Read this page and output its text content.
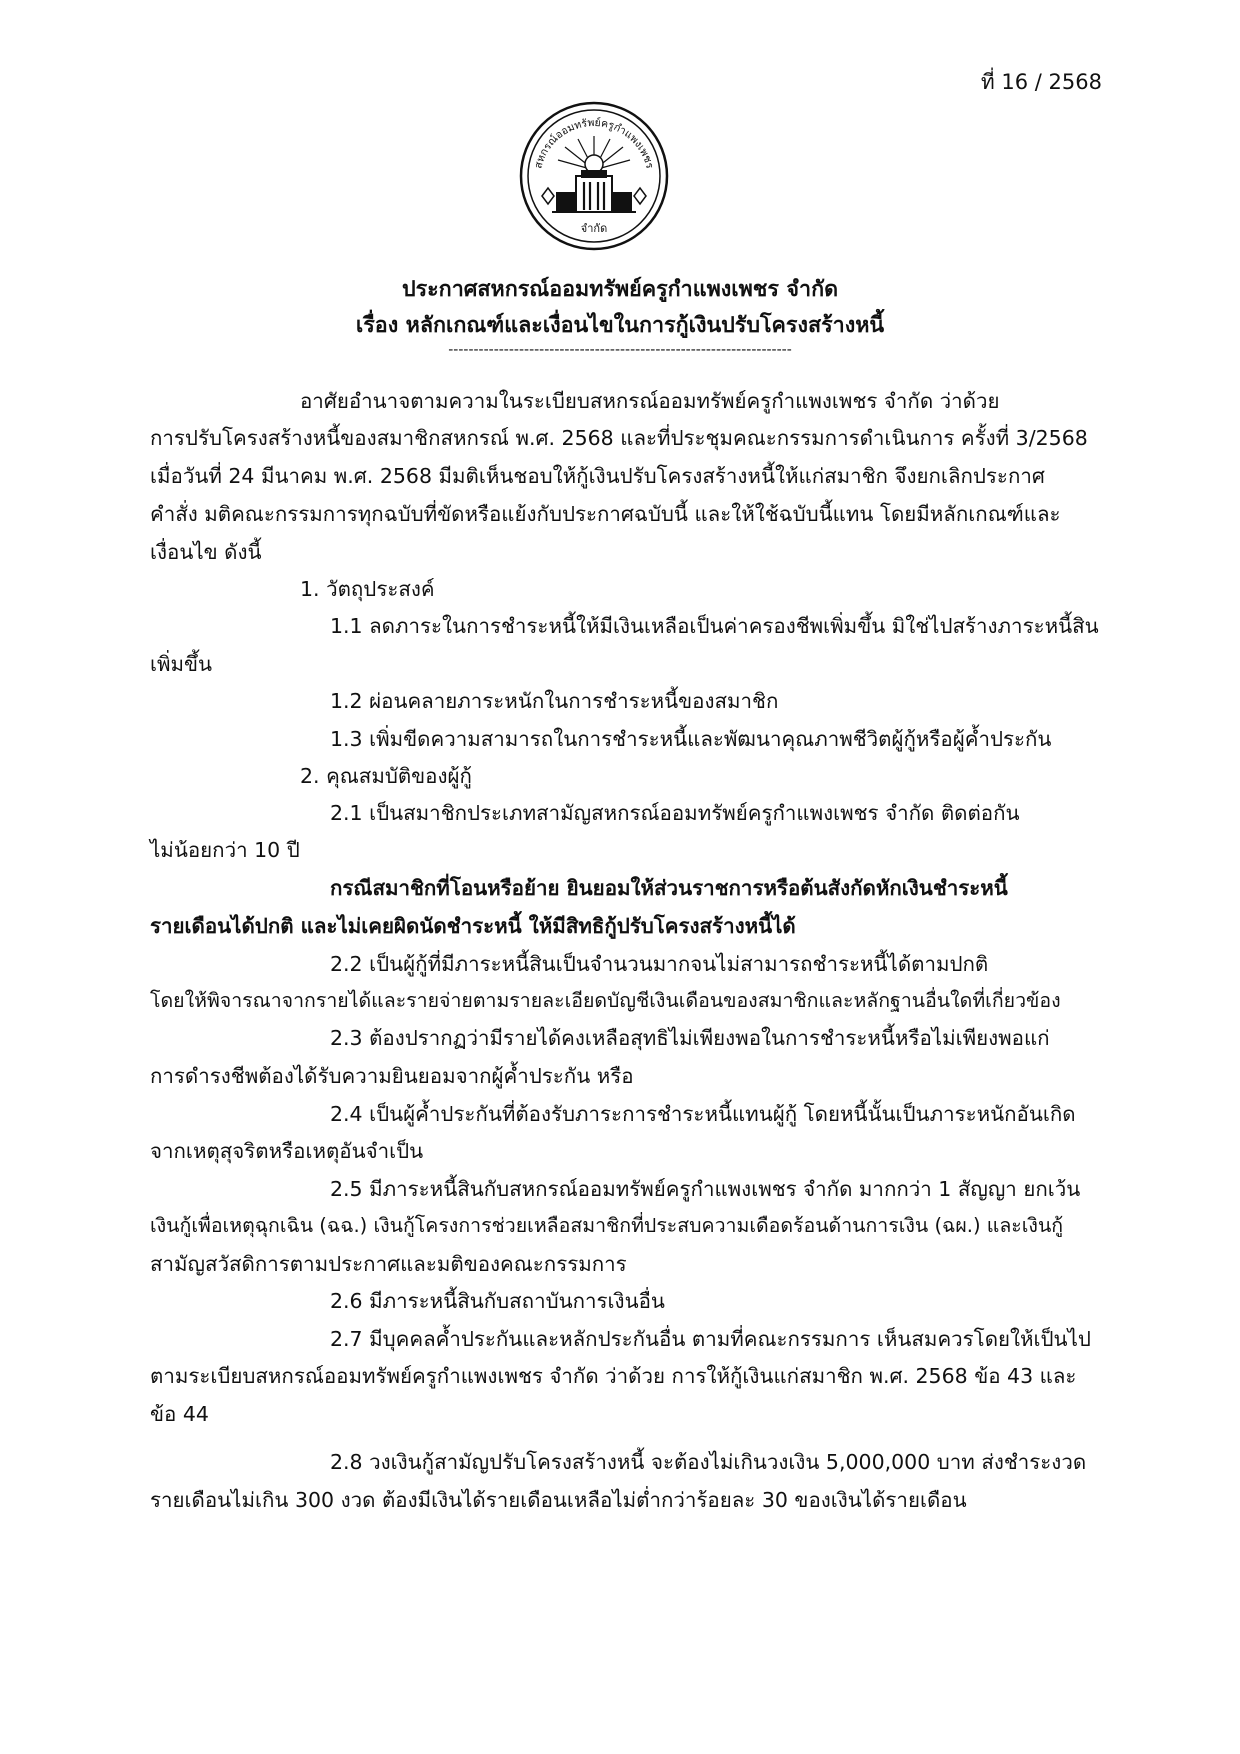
ที่ 16 / 2568
สหกรณ์ออมทรัพย์ครูกำแพงเพชร
จำกัด
ประกาศสหกรณ์ออมทรัพย์ครูกำแพงเพชร จำกัด
เรื่อง หลักเกณฑ์และเงื่อนไขในการกู้เงินปรับโครงสร้างหนี้
--------------------------------------------------------------------
อาศัยอำนาจตามความในระเบียบสหกรณ์ออมทรัพย์ครูกำแพงเพชร จำกัด ว่าด้วย
การปรับโครงสร้างหนี้ของสมาชิกสหกรณ์ พ.ศ. 2568 และที่ประชุมคณะกรรมการดำเนินการ ครั้งที่ 3/2568
เมื่อวันที่ 24 มีนาคม พ.ศ. 2568 มีมติเห็นชอบให้กู้เงินปรับโครงสร้างหนี้ให้แก่สมาชิก จึงยกเลิกประกาศ
คำสั่ง มติคณะกรรมการทุกฉบับที่ขัดหรือแย้งกับประกาศฉบับนี้ และให้ใช้ฉบับนี้แทน โดยมีหลักเกณฑ์และ
เงื่อนไข ดังนี้
1. วัตถุประสงค์
1.1 ลดภาระในการชำระหนี้ให้มีเงินเหลือเป็นค่าครองชีพเพิ่มขึ้น มิใช่ไปสร้างภาระหนี้สิน
เพิ่มขึ้น
1.2 ผ่อนคลายภาระหนักในการชำระหนี้ของสมาชิก
1.3 เพิ่มขีดความสามารถในการชำระหนี้และพัฒนาคุณภาพชีวิตผู้กู้หรือผู้ค้ำประกัน
2. คุณสมบัติของผู้กู้
2.1 เป็นสมาชิกประเภทสามัญสหกรณ์ออมทรัพย์ครูกำแพงเพชร จำกัด ติดต่อกัน
ไม่น้อยกว่า 10 ปี
กรณีสมาชิกที่โอนหรือย้าย ยินยอมให้ส่วนราชการหรือต้นสังกัดหักเงินชำระหนี้
รายเดือนได้ปกติ และไม่เคยผิดนัดชำระหนี้ ให้มีสิทธิกู้ปรับโครงสร้างหนี้ได้
2.2 เป็นผู้กู้ที่มีภาระหนี้สินเป็นจำนวนมากจนไม่สามารถชำระหนี้ได้ตามปกติ
โดยให้พิจารณาจากรายได้และรายจ่ายตามรายละเอียดบัญชีเงินเดือนของสมาชิกและหลักฐานอื่นใดที่เกี่ยวข้อง
2.3 ต้องปรากฏว่ามีรายได้คงเหลือสุทธิไม่เพียงพอในการชำระหนี้หรือไม่เพียงพอแก่
การดำรงชีพต้องได้รับความยินยอมจากผู้ค้ำประกัน หรือ
2.4 เป็นผู้ค้ำประกันที่ต้องรับภาระการชำระหนี้แทนผู้กู้ โดยหนี้นั้นเป็นภาระหนักอันเกิด
จากเหตุสุจริตหรือเหตุอันจำเป็น
2.5 มีภาระหนี้สินกับสหกรณ์ออมทรัพย์ครูกำแพงเพชร จำกัด มากกว่า 1 สัญญา ยกเว้น
เงินกู้เพื่อเหตุฉุกเฉิน (ฉฉ.) เงินกู้โครงการช่วยเหลือสมาชิกที่ประสบความเดือดร้อนด้านการเงิน (ฉผ.) และเงินกู้
สามัญสวัสดิการตามประกาศและมติของคณะกรรมการ
2.6 มีภาระหนี้สินกับสถาบันการเงินอื่น
2.7 มีบุคคลค้ำประกันและหลักประกันอื่น ตามที่คณะกรรมการ เห็นสมควรโดยให้เป็นไป
ตามระเบียบสหกรณ์ออมทรัพย์ครูกำแพงเพชร จำกัด ว่าด้วย การให้กู้เงินแก่สมาชิก พ.ศ. 2568 ข้อ 43 และ
ข้อ 44
2.8 วงเงินกู้สามัญปรับโครงสร้างหนี้ จะต้องไม่เกินวงเงิน 5,000,000 บาท ส่งชำระงวด
รายเดือนไม่เกิน 300 งวด ต้องมีเงินได้รายเดือนเหลือไม่ต่ำกว่าร้อยละ 30 ของเงินได้รายเดือน
